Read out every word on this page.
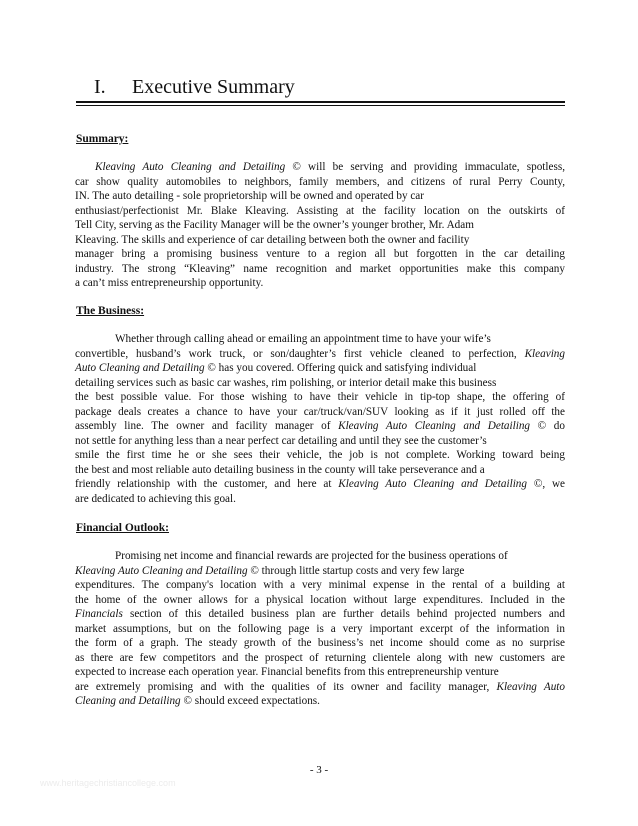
I. Executive Summary
Summary:
Kleaving Auto Cleaning and Detailing © will be serving and providing immaculate, spotless,
car show quality automobiles to neighbors, family members, and citizens of rural Perry County,
IN. The auto detailing - sole proprietorship will be owned and operated by car
enthusiast/perfectionist Mr. Blake Kleaving. Assisting at the facility location on the outskirts of
Tell City, serving as the Facility Manager will be the owner’s younger brother, Mr. Adam
Kleaving. The skills and experience of car detailing between both the owner and facility
manager bring a promising business venture to a region all but forgotten in the car detailing
industry. The strong “Kleaving” name recognition and market opportunities make this company
a can’t miss entrepreneurship opportunity.
The Business:
Whether through calling ahead or emailing an appointment time to have your wife’s
convertible, husband’s work truck, or son/daughter’s first vehicle cleaned to perfection, Kleaving
Auto Cleaning and Detailing © has you covered. Offering quick and satisfying individual
detailing services such as basic car washes, rim polishing, or interior detail make this business
the best possible value. For those wishing to have their vehicle in tip-top shape, the offering of
package deals creates a chance to have your car/truck/van/SUV looking as if it just rolled off the
assembly line. The owner and facility manager of Kleaving Auto Cleaning and Detailing © do
not settle for anything less than a near perfect car detailing and until they see the customer’s
smile the first time he or she sees their vehicle, the job is not complete. Working toward being
the best and most reliable auto detailing business in the county will take perseverance and a
friendly relationship with the customer, and here at Kleaving Auto Cleaning and Detailing ©, we
are dedicated to achieving this goal.
Financial Outlook:
Promising net income and financial rewards are projected for the business operations of
Kleaving Auto Cleaning and Detailing © through little startup costs and very few large
expenditures. The company's location with a very minimal expense in the rental of a building at
the home of the owner allows for a physical location without large expenditures. Included in the
Financials section of this detailed business plan are further details behind projected numbers and
market assumptions, but on the following page is a very important excerpt of the information in
the form of a graph. The steady growth of the business’s net income should come as no surprise
as there are few competitors and the prospect of returning clientele along with new customers are
expected to increase each operation year. Financial benefits from this entrepreneurship venture
are extremely promising and with the qualities of its owner and facility manager, Kleaving Auto
Cleaning and Detailing © should exceed expectations.
- 3 -
www.heritagechristiancollege.com
